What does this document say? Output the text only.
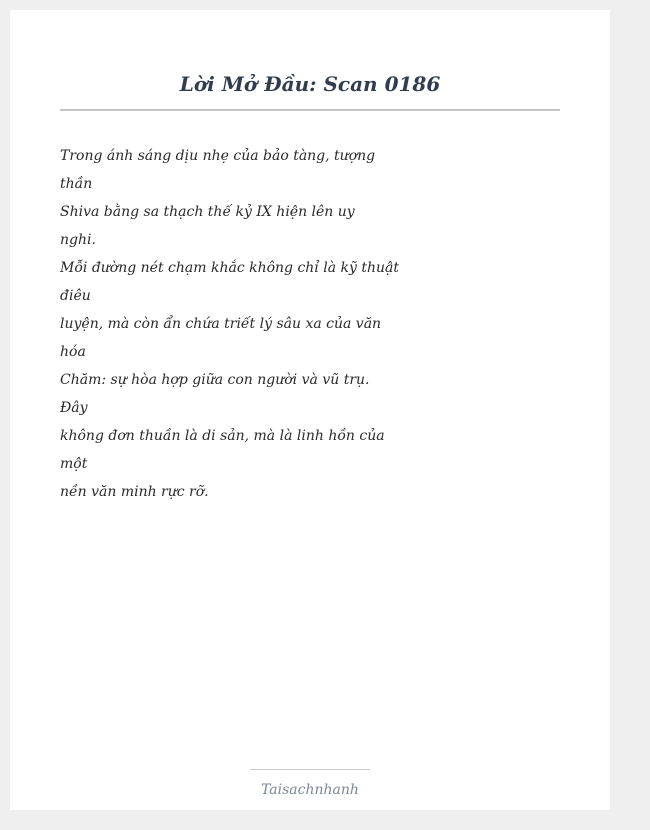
Lời Mở Đầu: Scan 0186
Trong ánh sáng dịu nhẹ của bảo tàng, tượng
thần
Shiva bằng sa thạch thế kỷ IX hiện lên uy
nghi.
Mỗi đường nét chạm khắc không chỉ là kỹ thuật
điêu
luyện, mà còn ẩn chứa triết lý sâu xa của văn
hóa
Chăm: sự hòa hợp giữa con người và vũ trụ.
Đây
không đơn thuần là di sản, mà là linh hồn của
một
nền văn minh rực rỡ.
Taisachnhanh
